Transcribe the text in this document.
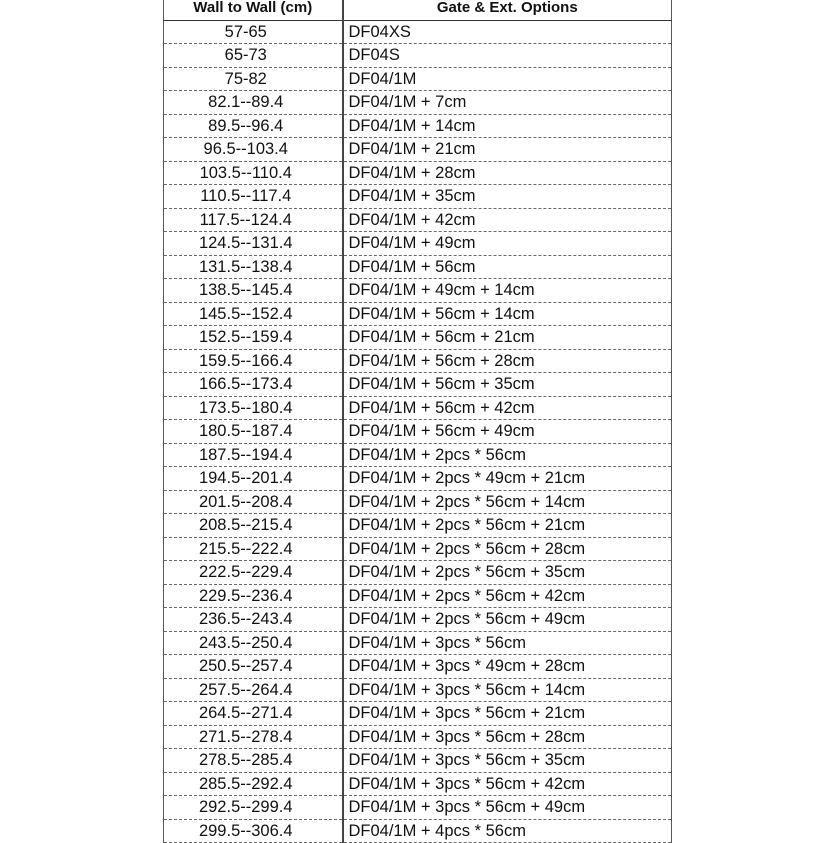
Wall to Wall (cm)	Gate & Ext. Options
57-65	DF04XS
65-73	DF04S
75-82	DF04/1M
82.1--89.4	DF04/1M + 7cm
89.5--96.4	DF04/1M + 14cm
96.5--103.4	DF04/1M + 21cm
103.5--110.4	DF04/1M + 28cm
110.5--117.4	DF04/1M + 35cm
117.5--124.4	DF04/1M + 42cm
124.5--131.4	DF04/1M + 49cm
131.5--138.4	DF04/1M + 56cm
138.5--145.4	DF04/1M + 49cm + 14cm
145.5--152.4	DF04/1M + 56cm + 14cm
152.5--159.4	DF04/1M + 56cm + 21cm
159.5--166.4	DF04/1M + 56cm + 28cm
166.5--173.4	DF04/1M + 56cm + 35cm
173.5--180.4	DF04/1M + 56cm + 42cm
180.5--187.4	DF04/1M + 56cm + 49cm
187.5--194.4	DF04/1M + 2pcs * 56cm
194.5--201.4	DF04/1M + 2pcs * 49cm + 21cm
201.5--208.4	DF04/1M + 2pcs * 56cm + 14cm
208.5--215.4	DF04/1M + 2pcs * 56cm + 21cm
215.5--222.4	DF04/1M + 2pcs * 56cm + 28cm
222.5--229.4	DF04/1M + 2pcs * 56cm + 35cm
229.5--236.4	DF04/1M + 2pcs * 56cm + 42cm
236.5--243.4	DF04/1M + 2pcs * 56cm + 49cm
243.5--250.4	DF04/1M + 3pcs * 56cm
250.5--257.4	DF04/1M + 3pcs * 49cm + 28cm
257.5--264.4	DF04/1M + 3pcs * 56cm + 14cm
264.5--271.4	DF04/1M + 3pcs * 56cm + 21cm
271.5--278.4	DF04/1M + 3pcs * 56cm + 28cm
278.5--285.4	DF04/1M + 3pcs * 56cm + 35cm
285.5--292.4	DF04/1M + 3pcs * 56cm + 42cm
292.5--299.4	DF04/1M + 3pcs * 56cm + 49cm
299.5--306.4	DF04/1M + 4pcs * 56cm
